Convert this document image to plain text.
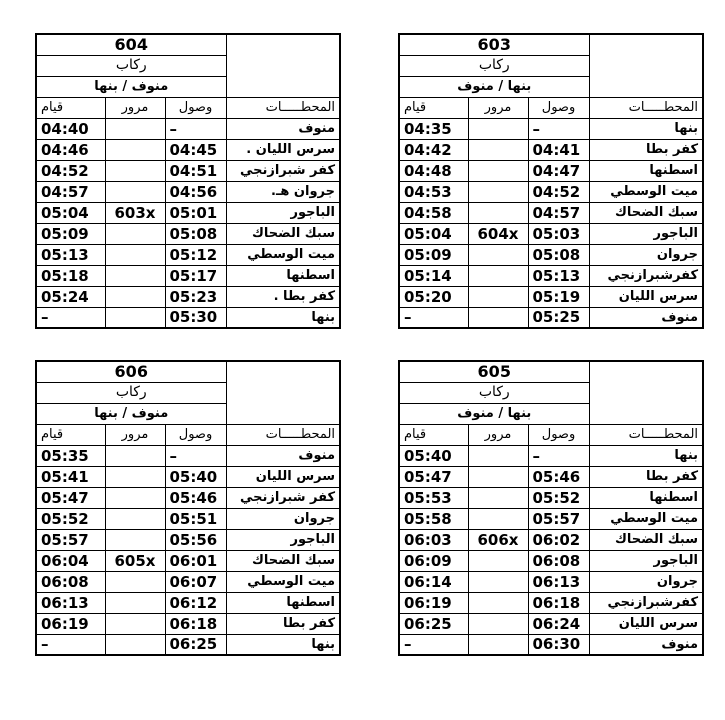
604			
ركاب			
منوف / بنها			
قيام	مرور	وصول	المحطـــــات
04:40		–	منوف
04:46		04:45	سرس الليان .
04:52		04:51	كفر شبرازنجي
04:57		04:56	جروان هـ.
05:04	603x	05:01	الباجور
05:09		05:08	سبك الضحاك
05:13		05:12	ميت الوسطي
05:18		05:17	اسطنها
05:24		05:23	كفر بطا .
–		05:30	بنها
603			
ركاب			
بنها / منوف			
قيام	مرور	وصول	المحطـــــات
04:35		–	بنها
04:42		04:41	كفر بطا
04:48		04:47	اسطنها
04:53		04:52	ميت الوسطي
04:58		04:57	سبك الضحاك
05:04	604x	05:03	الباجور
05:09		05:08	جروان
05:14		05:13	كفرشبرازنجي
05:20		05:19	سرس الليان
–		05:25	منوف
606			
ركاب			
منوف / بنها			
قيام	مرور	وصول	المحطـــــات
05:35		–	منوف
05:41		05:40	سرس الليان
05:47		05:46	كفر شبرازنجي
05:52		05:51	جروان
05:57		05:56	الباجور
06:04	605x	06:01	سبك الضحاك
06:08		06:07	ميت الوسطي
06:13		06:12	اسطنها
06:19		06:18	كفر بطا
–		06:25	بنها
605			
ركاب			
بنها / منوف			
قيام	مرور	وصول	المحطـــــات
05:40		–	بنها
05:47		05:46	كفر بطا
05:53		05:52	اسطنها
05:58		05:57	ميت الوسطي
06:03	606x	06:02	سبك الضحاك
06:09		06:08	الباجور
06:14		06:13	جروان
06:19		06:18	كفرشبرازنجي
06:25		06:24	سرس الليان
–		06:30	منوف
